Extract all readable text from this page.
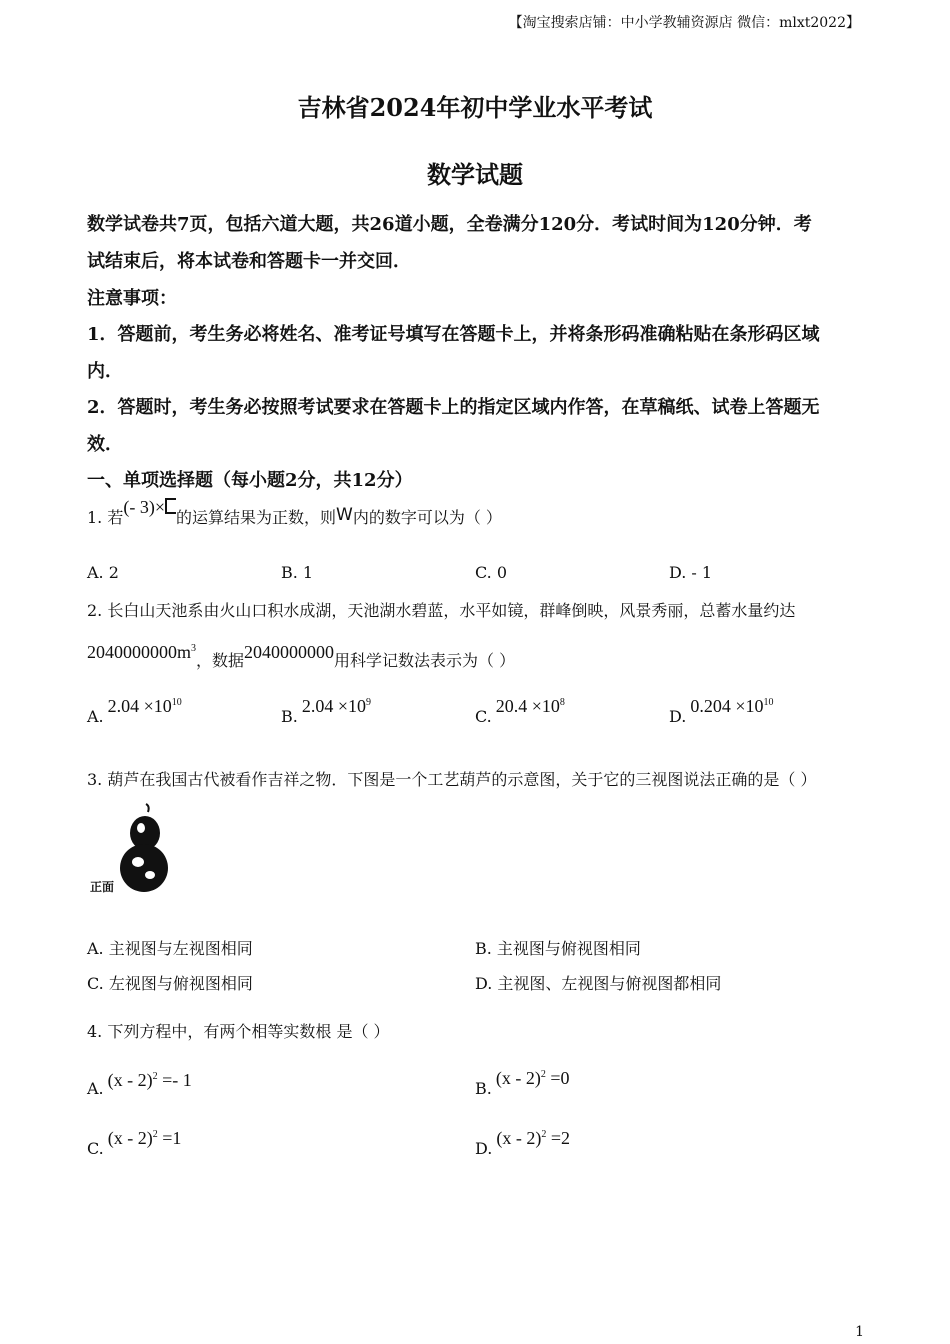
【淘宝搜索店铺：中小学教辅资源店 微信：mlxt2022】
吉林省2024年初中学业水平考试
数学试题
数学试卷共7页，包括六道大题，共26道小题，全卷满分120分．考试时间为120分钟．考
试结束后，将本试卷和答题卡一并交回．
注意事项：
1．答题前，考生务必将姓名、准考证号填写在答题卡上，并将条形码准确粘贴在条形码区域
内．
2．答题时，考生务必按照考试要求在答题卡上的指定区域内作答，在草稿纸、试卷上答题无
效．
一、单项选择题（每小题2分，共12分）
1. 若(- 3)×的运算结果为正数，则W内的数字可以为（ ）
A. 2	B. 1	C. 0	D. - 1
2. 长白山天池系由火山口积水成湖，天池湖水碧蓝，水平如镜，群峰倒映，风景秀丽，总蓄水量约达
$2040000000m^3$，数据2040000000用科学记数法表示为（ ）
$A.2.04 \times 10^{10}$
$B.2.04 \times 10^9$
$C.20.4 \times 10^8$
$D.0.204 \times 10^{10}$
3. 葫芦在我国古代被看作吉祥之物．下图是一个工艺葫芦的示意图，关于它的三视图说法正确的是（ ）
正面
A. 主视图与左视图相同	B. 主视图与俯视图相同
C. 左视图与俯视图相同	D. 主视图、左视图与俯视图都相同
4. 下列方程中，有两个相等实数根 是（ ）
A. (x - 2)$^2$ =- 1	B.(x - 2)$^2$ =0
C.(x - 2)$^2$ =1
D.(x - 2)$^2$ =2
1
